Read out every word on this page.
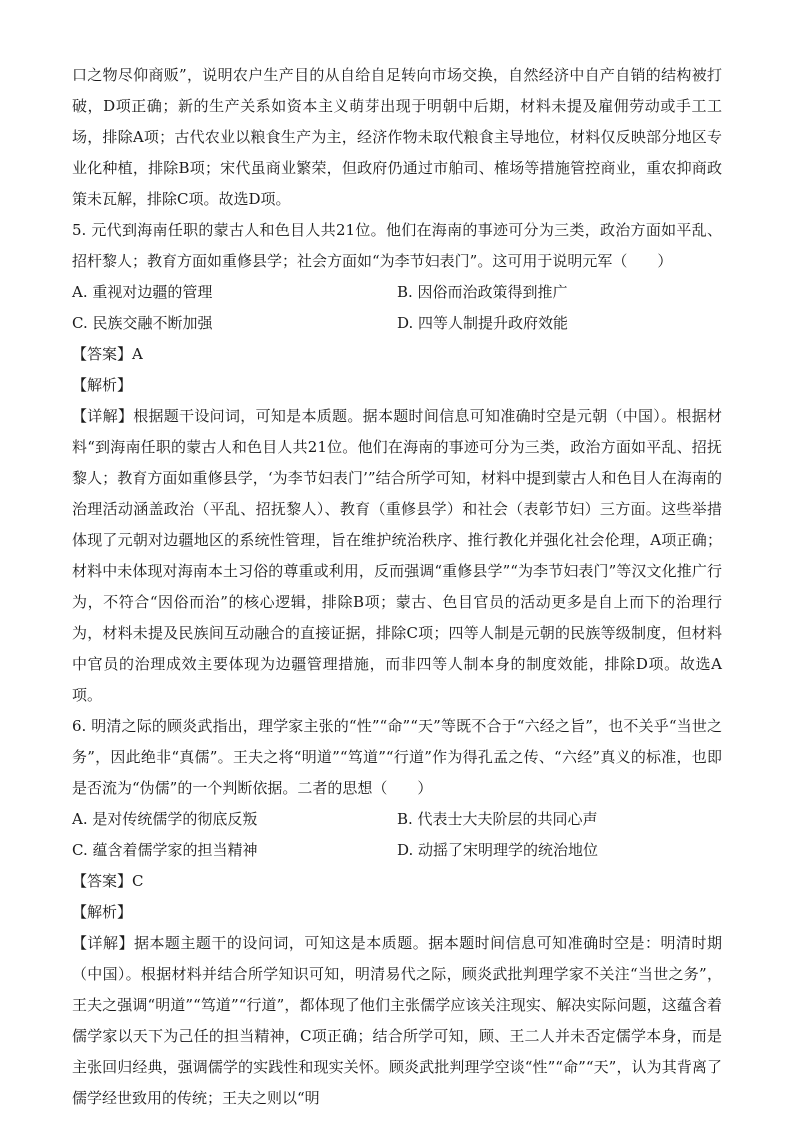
口之物尽仰商贩”，说明农户生产目的从自给自足转向市场交换，自然经济中自产自销的结构被打破，D项正确；新的生产关系如资本主义萌芽出现于明朝中后期，材料未提及雇佣劳动或手工工场，排除A项；古代农业以粮食生产为主，经济作物未取代粮食主导地位，材料仅反映部分地区专业化种植，排除B项；宋代虽商业繁荣，但政府仍通过市舶司、榷场等措施管控商业，重农抑商政策未瓦解，排除C项。故选D项。

5. 元代到海南任职的蒙古人和色目人共21位。他们在海南的事迹可分为三类，政治方面如平乱、招杆黎人；教育方面如重修县学；社会方面如“为李节妇表门”。这可用于说明元军（　　）

A. 重视对边疆的管理	B. 因俗而治政策得到推广
C. 民族交融不断加强	D. 四等人制提升政府效能

【答案】A

【解析】

【详解】根据题干设问词，可知是本质题。据本题时间信息可知准确时空是元朝（中国）。根据材料“到海南任职的蒙古人和色目人共21位。他们在海南的事迹可分为三类，政治方面如平乱、招抚黎人；教育方面如重修县学，‘为李节妇表门’”结合所学可知，材料中提到蒙古人和色目人在海南的治理活动涵盖政治（平乱、招抚黎人）、教育（重修县学）和社会（表彰节妇）三方面。这些举措体现了元朝对边疆地区的系统性管理，旨在维护统治秩序、推行教化并强化社会伦理，A项正确；材料中未体现对海南本土习俗的尊重或利用，反而强调“重修县学”“为李节妇表门”等汉文化推广行为，不符合“因俗而治”的核心逻辑，排除B项；蒙古、色目官员的活动更多是自上而下的治理行为，材料未提及民族间互动融合的直接证据，排除C项；四等人制是元朝的民族等级制度，但材料中官员的治理成效主要体现为边疆管理措施，而非四等人制本身的制度效能，排除D项。故选A项。

6. 明清之际的顾炎武指出，理学家主张的“性”“命”“天”等既不合于“六经之旨”，也不关乎“当世之务”，因此绝非“真儒”。王夫之将“明道”“笃道”“行道”作为得孔孟之传、“六经”真义的标准，也即是否流为“伪儒”的一个判断依据。二者的思想（　　）

A. 是对传统儒学的彻底反叛	B. 代表士大夫阶层的共同心声
C. 蕴含着儒学家的担当精神	D. 动摇了宋明理学的统治地位

【答案】C

【解析】

【详解】据本题主题干的设问词，可知这是本质题。据本题时间信息可知准确时空是：明清时期（中国）。根据材料并结合所学知识可知，明清易代之际，顾炎武批判理学家不关注“当世之务”，王夫之强调“明道”“笃道”“行道”，都体现了他们主张儒学应该关注现实、解决实际问题，这蕴含着儒学家以天下为己任的担当精神，C项正确；结合所学可知，顾、王二人并未否定儒学本身，而是主张回归经典，强调儒学的实践性和现实关怀。顾炎武批判理学空谈“性”“命”“天”，认为其背离了儒学经世致用的传统；王夫之则以“明
